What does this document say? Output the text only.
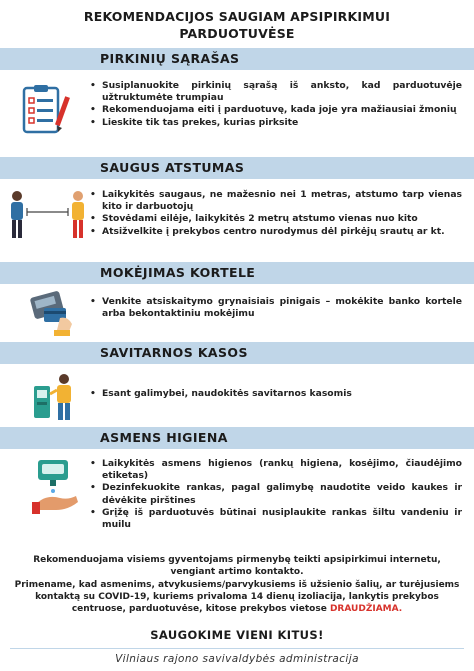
REKOMENDACIJOS SAUGIAM APSIPIRKIMUI
PARDUOTUVĖSE
PIRKINIŲ SĄRAŠAS
• Susiplanuokite pirkinių sąrašą iš anksto, kad parduotuvėje užtruktumėte trumpiau
• Rekomenduojama eiti į parduotuvę, kada joje yra mažiausiai žmonių
• Lieskite tik tas prekes, kurias pirksite
SAUGUS ATSTUMAS
• Laikykitės saugaus, ne mažesnio nei 1 metras, atstumo tarp vienas kito ir darbuotojų
• Stovėdami eilėje, laikykitės 2 metrų atstumo vienas nuo kito
• Atsižvelkite į prekybos centro nurodymus dėl pirkėjų srautų ar kt.
MOKĖJIMAS KORTELE
• Venkite atsiskaitymo grynaisiais pinigais – mokėkite banko kortele arba bekontaktiniu mokėjimu
SAVITARNOS KASOS
• Esant galimybei, naudokitės savitarnos kasomis
ASMENS HIGIENA
• Laikykitės asmens higienos (rankų higiena, kosėjimo, čiaudėjimo etiketas)
• Dezinfekuokite rankas, pagal galimybę naudotite veido kaukes ir dėvėkite pirštines
• Grįžę iš parduotuvės būtinai nusiplaukite rankas šiltu vandeniu ir muilu
Rekomenduojama visiems gyventojams pirmenybę teikti apsipirkimui internetu, vengiant artimo kontakto.
Primename, kad asmenims, atvykusiems/parvykusiems iš užsienio šalių, ar turėjusiems kontaktą su COVID-19, kuriems privaloma 14 dienų izoliacija, lankytis prekybos centruose, parduotuvėse, kitose prekybos vietose DRAUDŽIAMA.
SAUGOKIME VIENI KITUS!
Vilniaus rajono savivaldybės administracija
